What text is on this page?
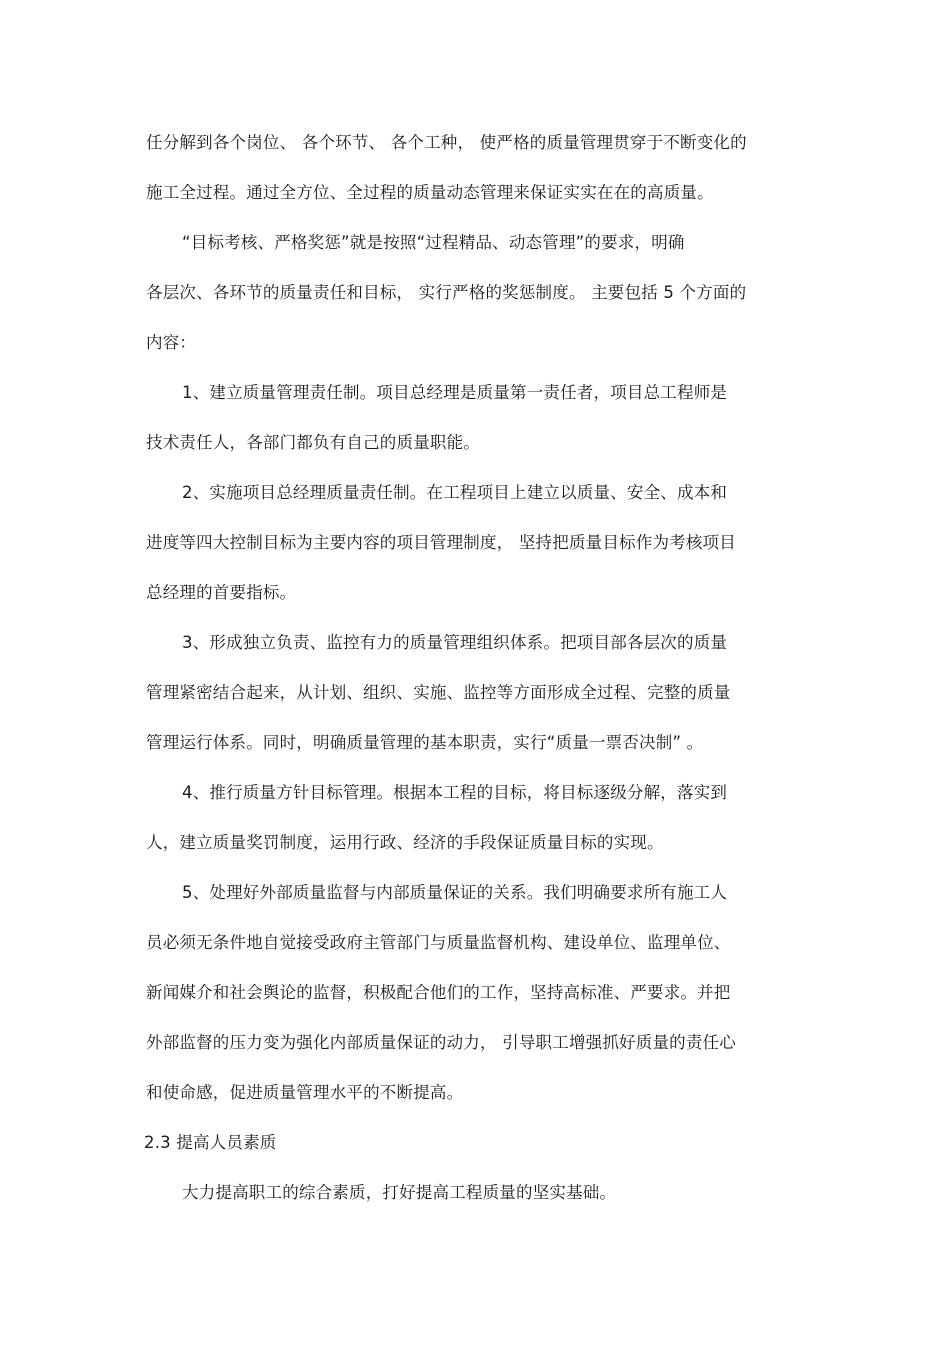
任分解到各个岗位、 各个环节、 各个工种， 使严格的质量管理贯穿于不断变化的
施工全过程。通过全方位、全过程的质量动态管理来保证实实在在的高质量。
“目标考核、严格奖惩”就是按照“过程精品、动态管理”的要求，明确
各层次、各环节的质量责任和目标， 实行严格的奖惩制度。 主要包括 5 个方面的
内容：
1、建立质量管理责任制。项目总经理是质量第一责任者，项目总工程师是
技术责任人，各部门都负有自己的质量职能。
2、实施项目总经理质量责任制。在工程项目上建立以质量、安全、成本和
进度等四大控制目标为主要内容的项目管理制度， 坚持把质量目标作为考核项目
总经理的首要指标。
3、形成独立负责、监控有力的质量管理组织体系。把项目部各层次的质量
管理紧密结合起来，从计划、组织、实施、监控等方面形成全过程、完整的质量
管理运行体系。同时，明确质量管理的基本职责，实行“质量一票否决制” 。
4、推行质量方针目标管理。根据本工程的目标，将目标逐级分解，落实到
人，建立质量奖罚制度，运用行政、经济的手段保证质量目标的实现。
5、处理好外部质量监督与内部质量保证的关系。我们明确要求所有施工人
员必须无条件地自觉接受政府主管部门与质量监督机构、建设单位、监理单位、
新闻媒介和社会舆论的监督，积极配合他们的工作，坚持高标准、严要求。并把
外部监督的压力变为强化内部质量保证的动力， 引导职工增强抓好质量的责任心
和使命感，促进质量管理水平的不断提高。
2.3 提高人员素质
大力提高职工的综合素质，打好提高工程质量的坚实基础。
